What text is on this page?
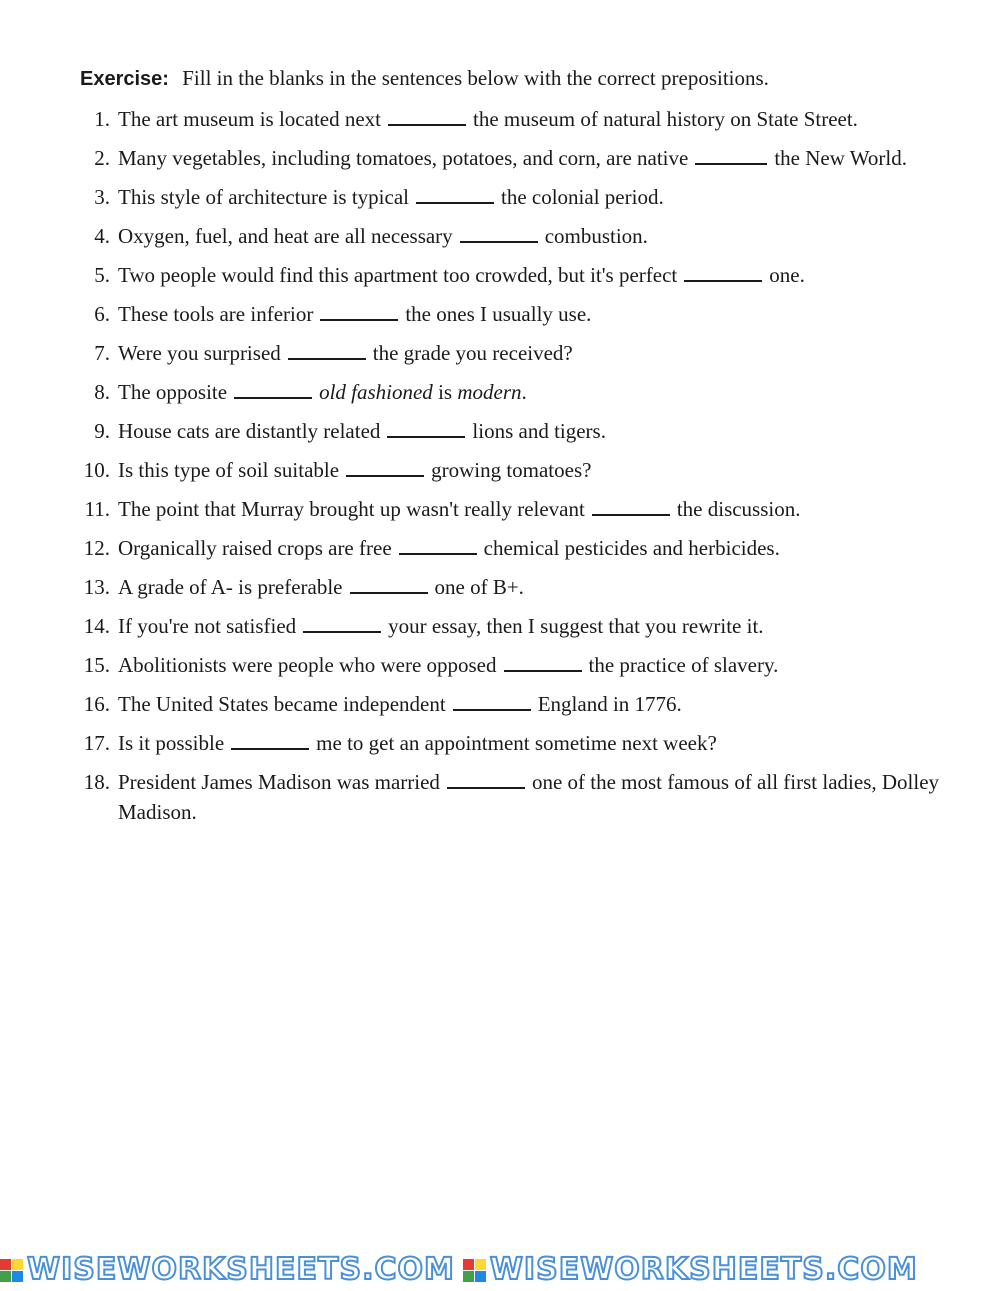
Exercise: Fill in the blanks in the sentences below with the correct prepositions.
1. The art museum is located next	the museum of natural history on State Street.
2. Many vegetables, including tomatoes, potatoes, and corn, are native	the New World.
3. This style of architecture is typical	the colonial period.
4. Oxygen, fuel, and heat are all necessary	combustion.
5. Two people would find this apartment too crowded, but it's perfect	one.
6. These tools are inferior	the ones I usually use.
7. Were you surprised	the grade you received?
8. The opposite	old fashioned is modern.
9. House cats are distantly related	lions and tigers.
10. Is this type of soil suitable	growing tomatoes?
11. The point that Murray brought up wasn't really relevant	the discussion.
12. Organically raised crops are free	chemical pesticides and herbicides.
13. A grade of A- is preferable	one of B+.
14. If you're not satisfied	your essay, then I suggest that you rewrite it.
15. Abolitionists were people who were opposed	the practice of slavery.
16. The United States became independent	England in 1776.
17. Is it possible	me to get an appointment sometime next week?
18. President James Madison was married	one of the most famous of all first ladies, Dolley Madison.
WISEWORKSHEETS.COM WISEWORKSHEETS.COM
